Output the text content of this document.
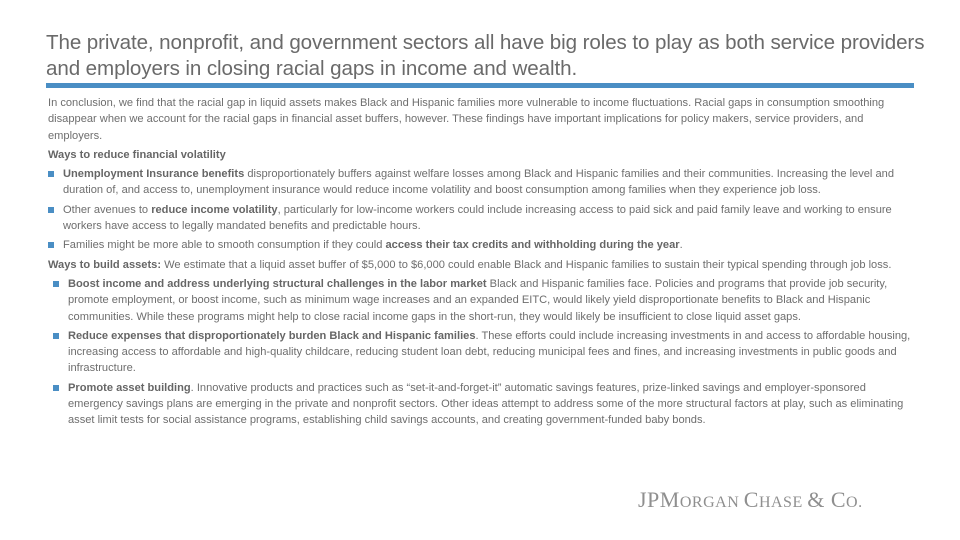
The private, nonprofit, and government sectors all have big roles to play as both service providers and employers in closing racial gaps in income and wealth.

In conclusion, we find that the racial gap in liquid assets makes Black and Hispanic families more vulnerable to income fluctuations. Racial gaps in consumption smoothing disappear when we account for the racial gaps in financial asset buffers, however. These findings have important implications for policy makers, service providers, and employers.

Ways to reduce financial volatility

Unemployment Insurance benefits disproportionately buffers against welfare losses among Black and Hispanic families and their communities. Increasing the level and duration of, and access to, unemployment insurance would reduce income volatility and boost consumption among families when they experience job loss.
Other avenues to reduce income volatility, particularly for low-income workers could include increasing access to paid sick and paid family leave and working to ensure workers have access to legally mandated benefits and predictable hours.
Families might be more able to smooth consumption if they could access their tax credits and withholding during the year.

Ways to build assets: We estimate that a liquid asset buffer of $5,000 to $6,000 could enable Black and Hispanic families to sustain their typical spending through job loss.

Boost income and address underlying structural challenges in the labor market Black and Hispanic families face. Policies and programs that provide job security, promote employment, or boost income, such as minimum wage increases and an expanded EITC, would likely yield disproportionate benefits to Black and Hispanic communities. While these programs might help to close racial income gaps in the short-run, they would likely be insufficient to close liquid asset gaps.
Reduce expenses that disproportionately burden Black and Hispanic families. These efforts could include increasing investments in and access to affordable housing, increasing access to affordable and high-quality childcare, reducing student loan debt, reducing municipal fees and fines, and increasing investments in public goods and infrastructure.
Promote asset building. Innovative products and practices such as “set-it-and-forget-it” automatic savings features, prize-linked savings and employer-sponsored emergency savings plans are emerging in the private and nonprofit sectors. Other ideas attempt to address some of the more structural factors at play, such as eliminating asset limit tests for social assistance programs, establishing child savings accounts, and creating government-funded baby bonds.
JPMORGAN CHASE & CO.
